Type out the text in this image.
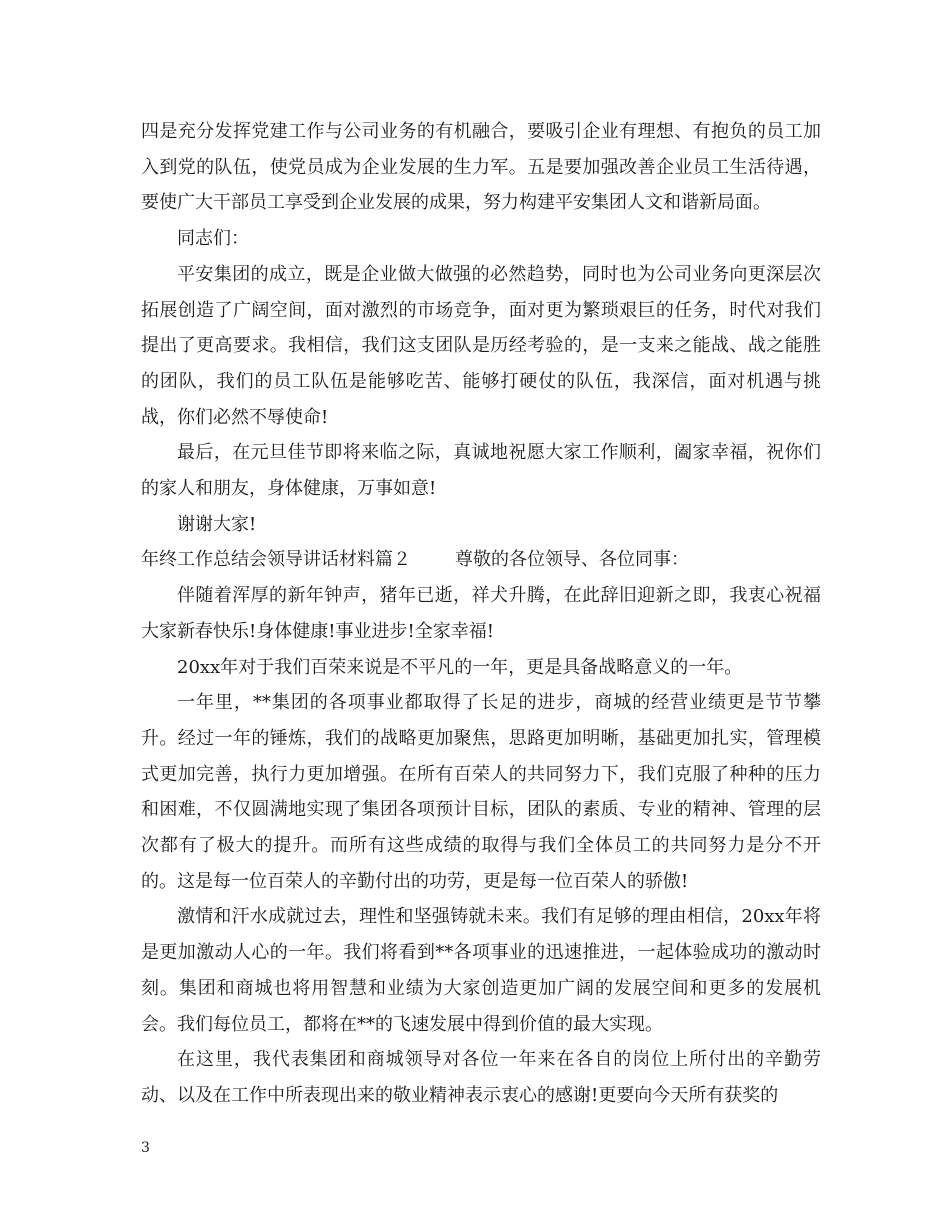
四是充分发挥党建工作与公司业务的有机融合，要吸引企业有理想、有抱负的员工加入到党的队伍，使党员成为企业发展的生力军。五是要加强改善企业员工生活待遇，要使广大干部员工享受到企业发展的成果，努力构建平安集团人文和谐新局面。

同志们：

平安集团的成立，既是企业做大做强的必然趋势，同时也为公司业务向更深层次拓展创造了广阔空间，面对激烈的市场竞争，面对更为繁琐艰巨的任务，时代对我们提出了更高要求。我相信，我们这支团队是历经考验的，是一支来之能战、战之能胜的团队，我们的员工队伍是能够吃苦、能够打硬仗的队伍，我深信，面对机遇与挑战，你们必然不辱使命!

最后，在元旦佳节即将来临之际，真诚地祝愿大家工作顺利，阖家幸福，祝你们的家人和朋友，身体健康，万事如意!

谢谢大家!

年终工作总结会领导讲话材料篇２ 尊敬的各位领导、各位同事：

伴随着浑厚的新年钟声，猪年已逝，祥犬升腾，在此辞旧迎新之即，我衷心祝福大家新春快乐!身体健康!事业进步!全家幸福!

20xx年对于我们百荣来说是不平凡的一年，更是具备战略意义的一年。

一年里，**集团的各项事业都取得了长足的进步，商城的经营业绩更是节节攀升。经过一年的锤炼，我们的战略更加聚焦，思路更加明晰，基础更加扎实，管理模式更加完善，执行力更加增强。在所有百荣人的共同努力下，我们克服了种种的压力和困难，不仅圆满地实现了集团各项预计目标，团队的素质、专业的精神、管理的层次都有了极大的提升。而所有这些成绩的取得与我们全体员工的共同努力是分不开的。这是每一位百荣人的辛勤付出的功劳，更是每一位百荣人的骄傲!

激情和汗水成就过去，理性和坚强铸就未来。我们有足够的理由相信，20xx年将是更加激动人心的一年。我们将看到**各项事业的迅速推进，一起体验成功的激动时刻。集团和商城也将用智慧和业绩为大家创造更加广阔的发展空间和更多的发展机会。我们每位员工，都将在**的飞速发展中得到价值的最大实现。

在这里，我代表集团和商城领导对各位一年来在各自的岗位上所付出的辛勤劳动、以及在工作中所表现出来的敬业精神表示衷心的感谢!更要向今天所有获奖的

3
